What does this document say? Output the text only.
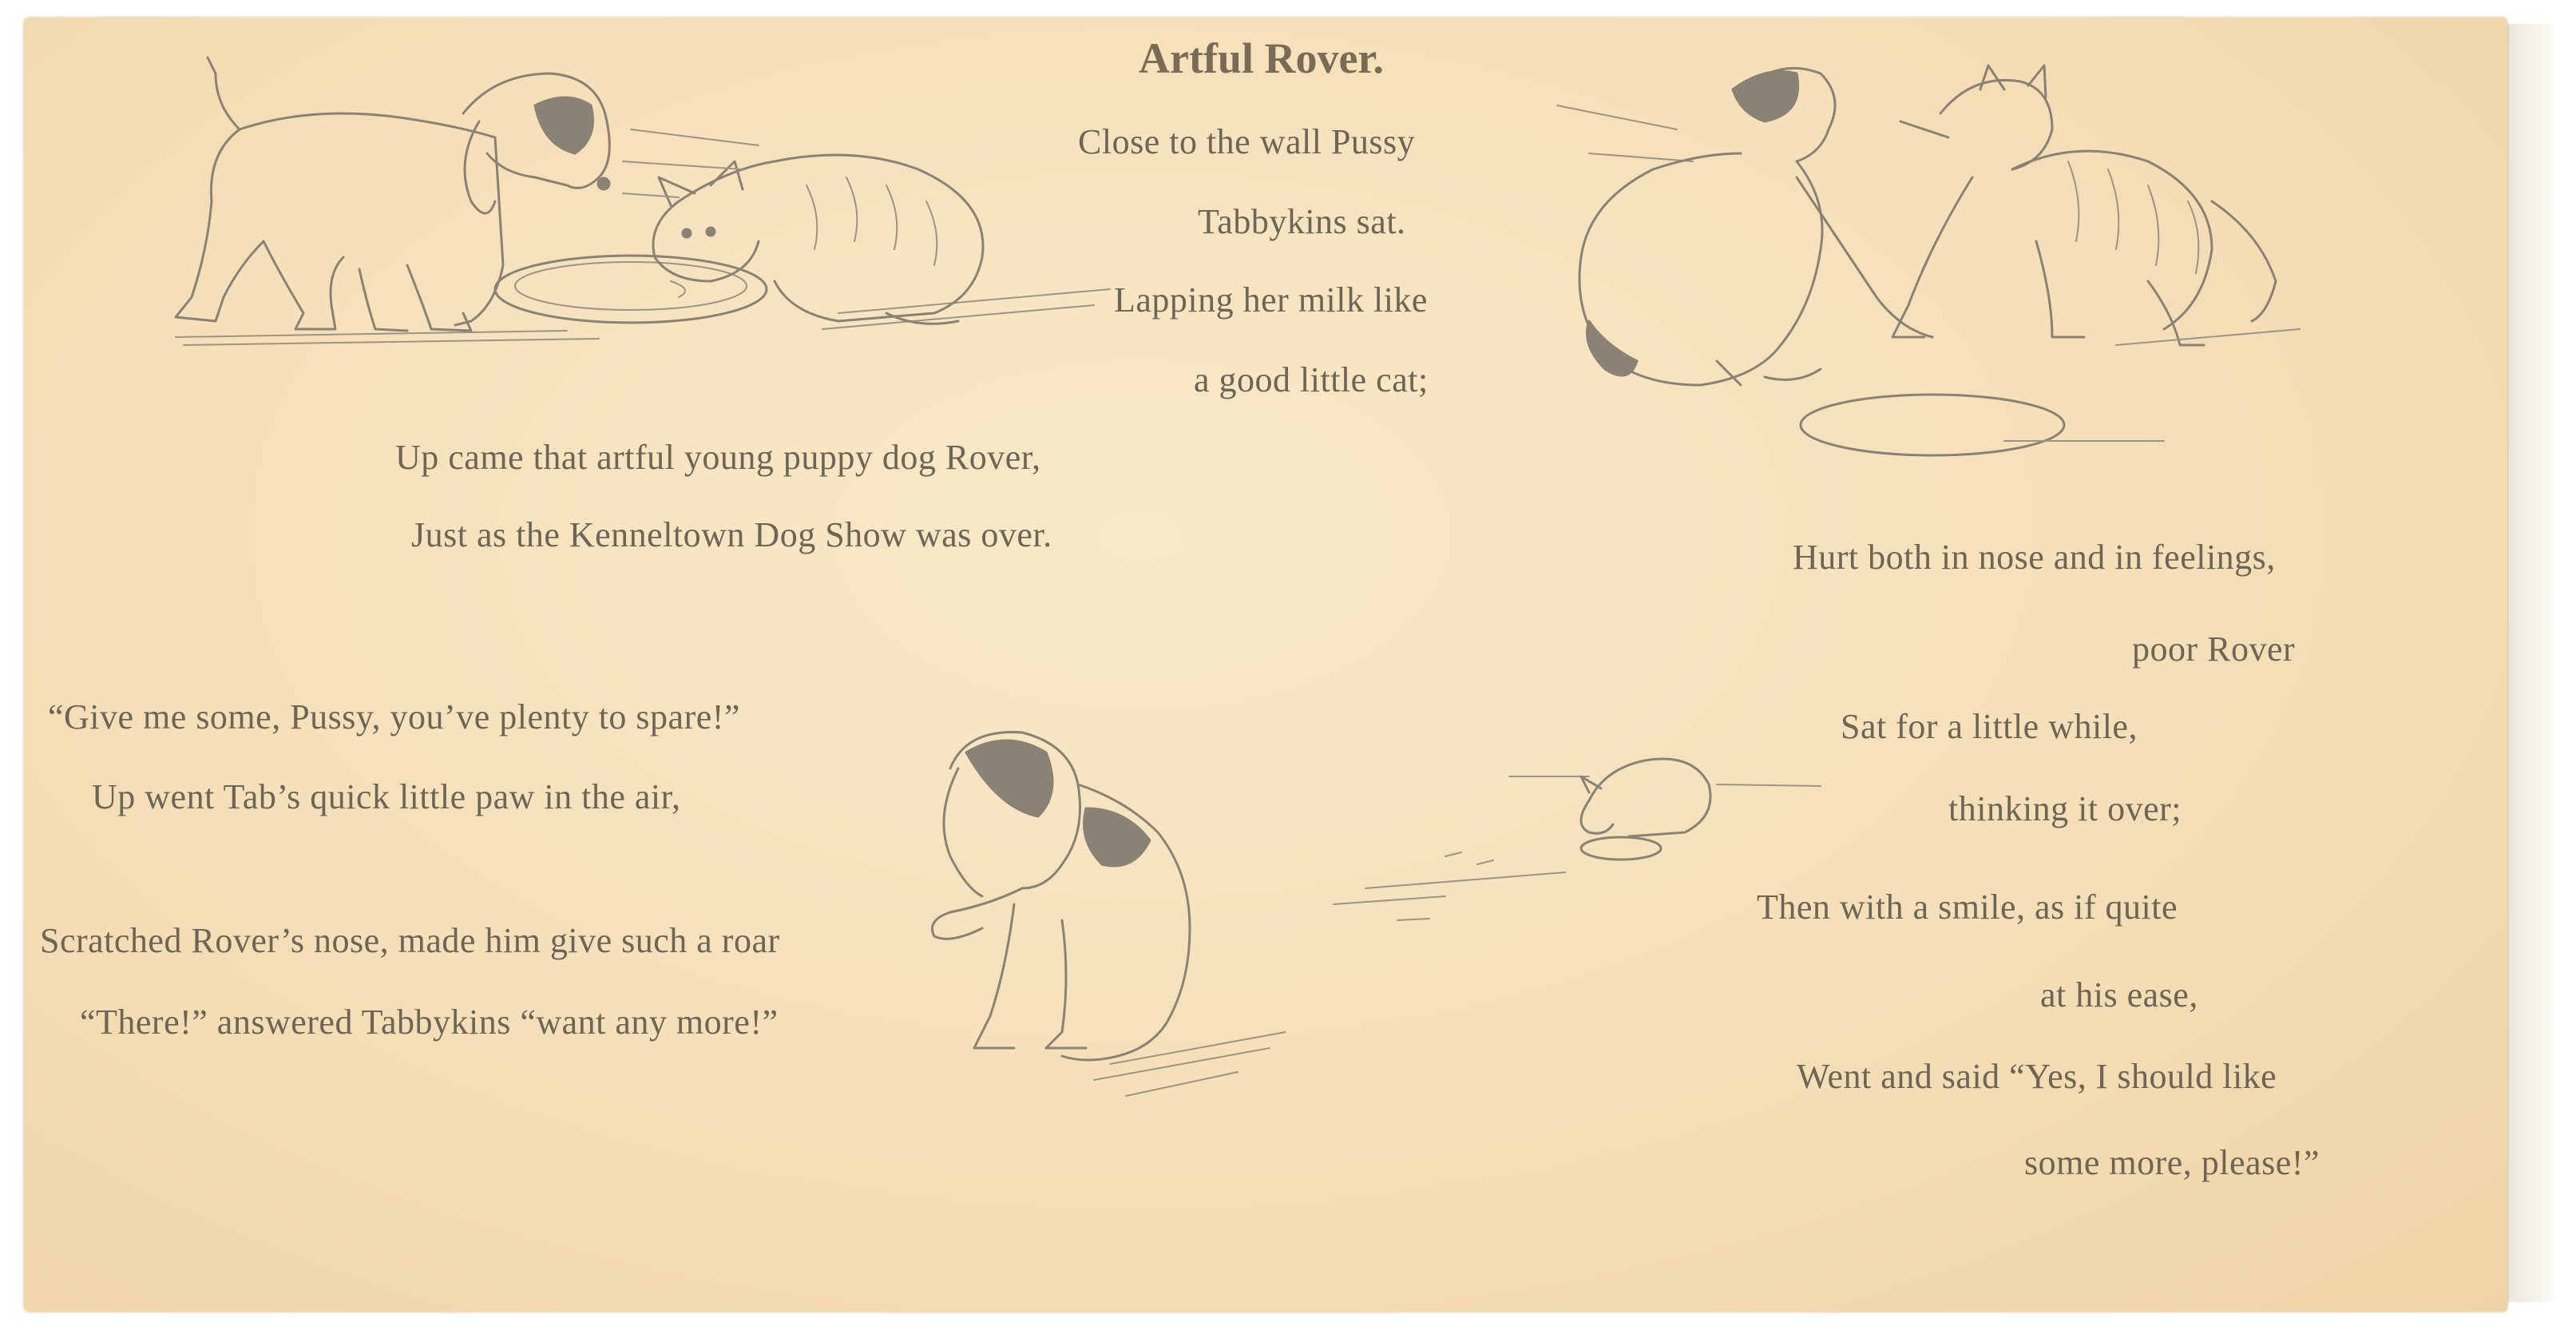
Artful Rover.
Close to the wall Pussy
Tabbykins sat.
Lapping her milk like
a good little cat;
Up came that artful young puppy dog Rover,
Just as the Kenneltown Dog Show was over.
“Give me some, Pussy, you’ve plenty to spare!”
Up went Tab’s quick little paw in the air,
Scratched Rover’s nose, made him give such a roar
“There!” answered Tabbykins “want any more!”
Hurt both in nose and in feelings,
poor Rover
Sat for a little while,
thinking it over;
Then with a smile, as if quite
at his ease,
Went and said “Yes, I should like
some more, please!”
